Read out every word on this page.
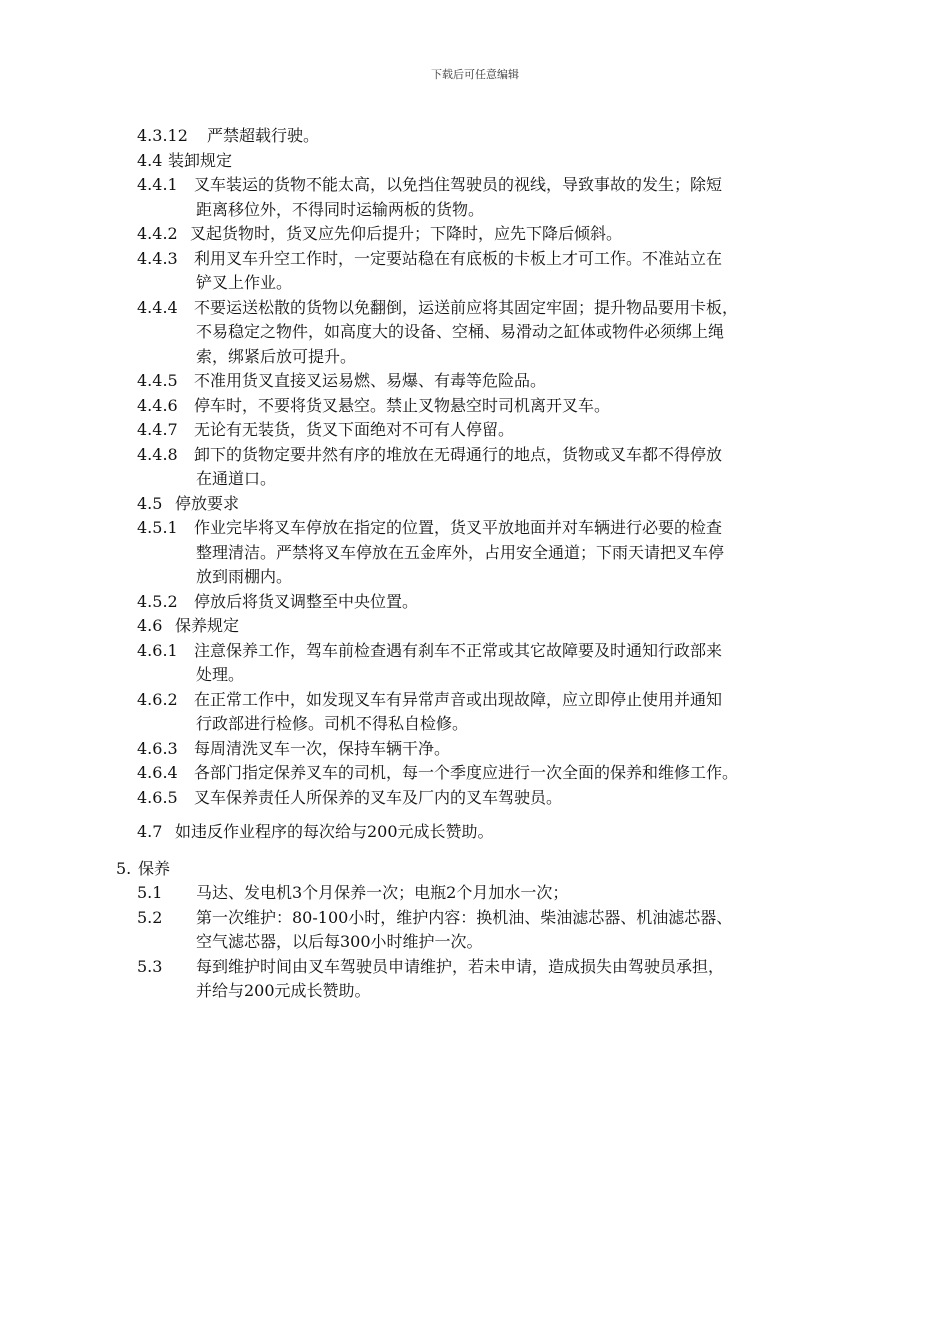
下载后可任意编辑
4.3.12 严禁超载行驶。
4.4 装卸规定
4.4.1 叉车装运的货物不能太高，以免挡住驾驶员的视线，导致事故的发生；除短
距离移位外，不得同时运输两板的货物。
4.4.2 叉起货物时，货叉应先仰后提升；下降时，应先下降后倾斜。
4.4.3 利用叉车升空工作时，一定要站稳在有底板的卡板上才可工作。不准站立在
铲叉上作业。
4.4.4 不要运送松散的货物以免翻倒，运送前应将其固定牢固；提升物品要用卡板，
不易稳定之物件，如高度大的设备、空桶、易滑动之缸体或物件必须绑上绳
索，绑紧后放可提升。
4.4.5 不准用货叉直接叉运易燃、易爆、有毒等危险品。
4.4.6 停车时，不要将货叉悬空。禁止叉物悬空时司机离开叉车。
4.4.7 无论有无装货，货叉下面绝对不可有人停留。
4.4.8 卸下的货物定要井然有序的堆放在无碍通行的地点，货物或叉车都不得停放
在通道口。
4.5 停放要求
4.5.1 作业完毕将叉车停放在指定的位置，货叉平放地面并对车辆进行必要的检查
整理清洁。严禁将叉车停放在五金库外，占用安全通道；下雨天请把叉车停
放到雨棚内。
4.5.2 停放后将货叉调整至中央位置。
4.6 保养规定
4.6.1 注意保养工作，驾车前检查遇有刹车不正常或其它故障要及时通知行政部来
处理。
4.6.2 在正常工作中，如发现叉车有异常声音或出现故障，应立即停止使用并通知
行政部进行检修。司机不得私自检修。
4.6.3 每周清洗叉车一次，保持车辆干净。
4.6.4 各部门指定保养叉车的司机，每一个季度应进行一次全面的保养和维修工作。
4.6.5 叉车保养责任人所保养的叉车及厂内的叉车驾驶员。
4.7 如违反作业程序的每次给与200元成长赞助。
5. 保养
5.1 马达、发电机3个月保养一次；电瓶2个月加水一次；
5.2 第一次维护：80-100小时，维护内容：换机油、柴油滤芯器、机油滤芯器、
空气滤芯器，以后每300小时维护一次。
5.3 每到维护时间由叉车驾驶员申请维护，若未申请，造成损失由驾驶员承担，
并给与200元成长赞助。
